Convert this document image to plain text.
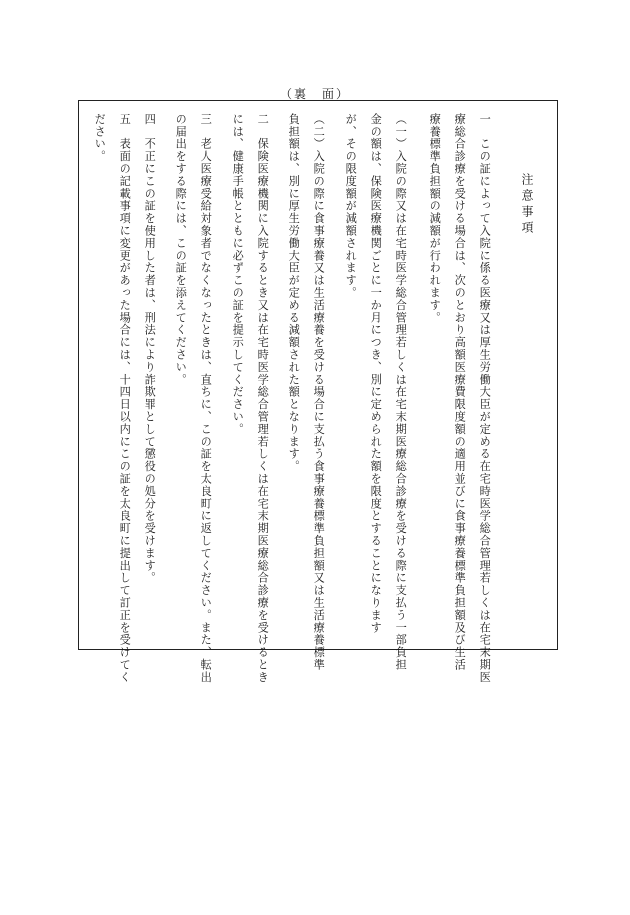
（裏　面）
注意事項
一　この証によって入院に係る医療又は厚生労働大臣が定める在宅時医学総合管理若しくは在宅末期医
療総合診療を受ける場合は、次のとおり高額医療費限度額の適用並びに食事療養標準負担額及び生活
療養標準負担額の減額が行われます。
（一）入院の際又は在宅時医学総合管理若しくは在宅末期医療総合診療を受ける際に支払う一部負担
金の額は、保険医療機関ごとに一か月につき、別に定められた額を限度とすることになります
が、その限度額が減額されます。
（二）入院の際に食事療養又は生活療養を受ける場合に支払う食事療養標準負担額又は生活療養標準
負担額は、別に厚生労働大臣が定める減額された額となります。
二　保険医療機関に入院するとき又は在宅時医学総合管理若しくは在宅末期医療総合診療を受けるとき
には、健康手帳とともに必ずこの証を提示してください。
三　老人医療受給対象者でなくなったときは、直ちに、この証を太良町に返してください。また、転出
の届出をする際には、この証を添えてください。
四　不正にこの証を使用した者は、刑法により詐欺罪として懲役の処分を受けます。
五　表面の記載事項に変更があった場合には、十四日以内にこの証を太良町に提出して訂正を受けてく
ださい。
